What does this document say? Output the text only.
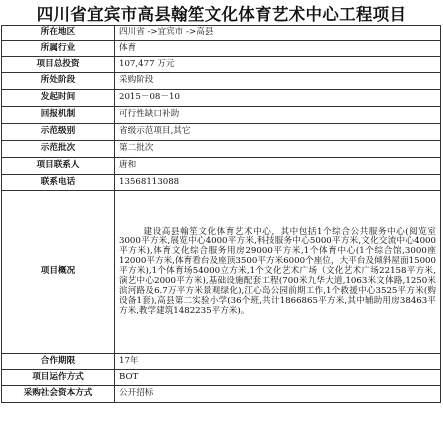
四川省宜宾市高县翰笙文化体育艺术中心工程项目
所在地区	四川省 ->宜宾市 ->高县
所属行业	体育
项目总投资	107,477 万元
所处阶段	采购阶段
发起时间	2015－08－10
回报机制	可行性缺口补助
示范级别	省级示范项目,其它
示范批次	第二批次
项目联系人	唐和
联系电话	13568113088
项目概况	建设高县翰笙文化体育艺术中心，其中包括1个综合公共服务中心(阅览室3000平方米,展览中心4000平方米,科技服务中心5000平方米,文化交流中心4000平方米),体育文化综合服务用房29000平方米,1个体育中心(1个综合馆,3000座12000平方米,体育看台及座顶3500平方米6000个座位，大平台及倾斜屋面15000平方米),1个体育场54000立方米,1个文化艺术广场（文化艺术广场22158平方米,演艺中心2000平方米),基础设施配套工程(700米九华大道,1063米文体路,1250米滨河路及6.7万平方米景观绿化),江心岛公园前期工作,1个救援中心3525平方米(购设备1套),高县第二实验小学(36个班,共计1866865平方米,其中辅助用房38463平方米,教学建筑1482235平方米)。
合作期限	17年
项目运作方式	BOT
采购社会资本方式	公开招标
